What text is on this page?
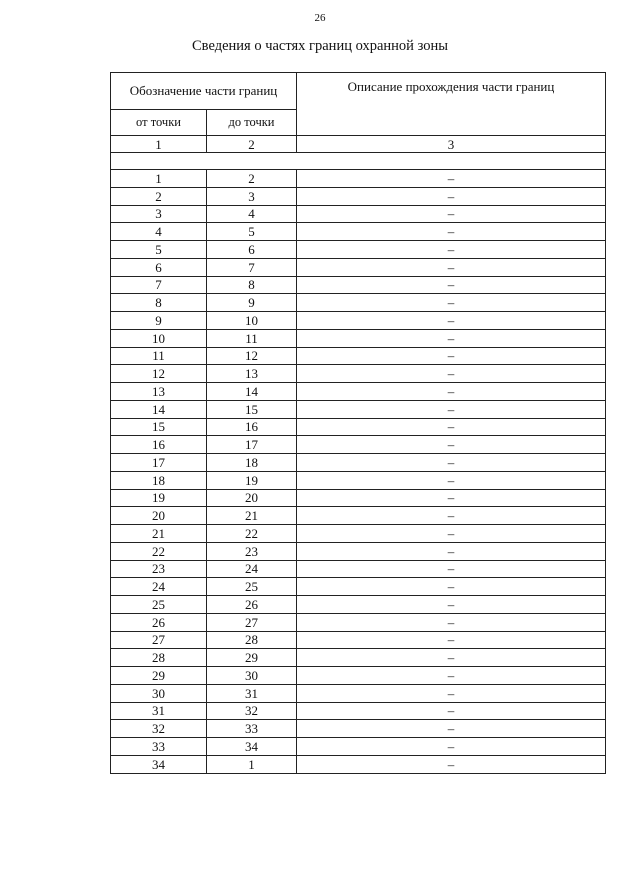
26
Сведения о частях границ охранной зоны
Обозначение части границ		Описание прохождения части границ
от точки	до точки	
1	2	3

1	2	–
2	3	–
3	4	–
4	5	–
5	6	–
6	7	–
7	8	–
8	9	–
9	10	–
10	11	–
11	12	–
12	13	–
13	14	–
14	15	–
15	16	–
16	17	–
17	18	–
18	19	–
19	20	–
20	21	–
21	22	–
22	23	–
23	24	–
24	25	–
25	26	–
26	27	–
27	28	–
28	29	–
29	30	–
30	31	–
31	32	–
32	33	–
33	34	–
34	1	–
